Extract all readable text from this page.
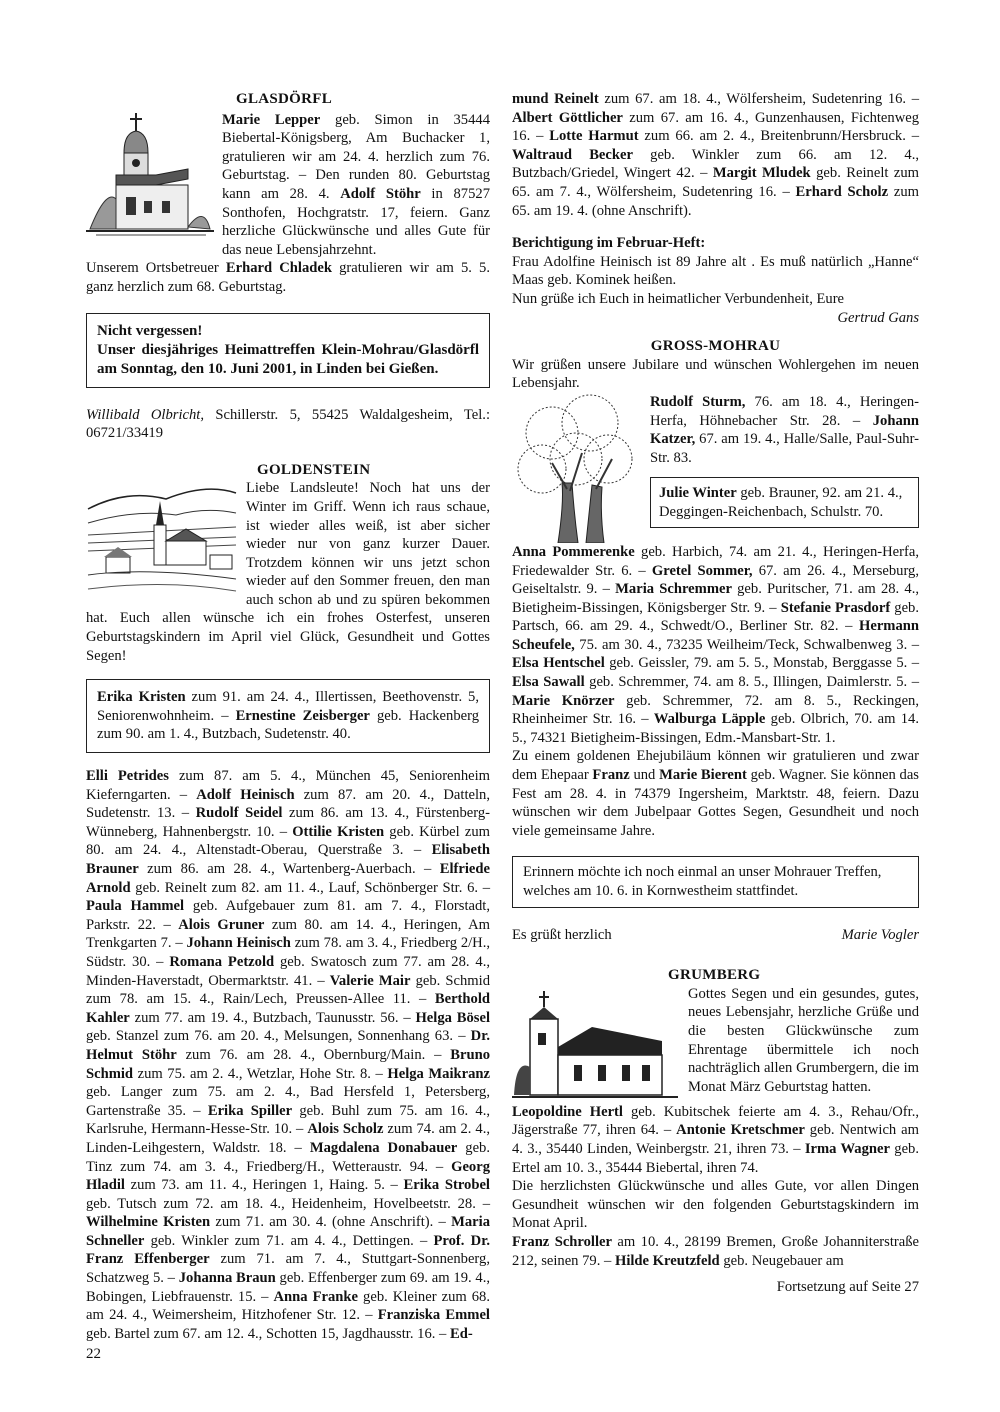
GLASDÖRFL

Marie Lepper geb. Simon in 35444 Biebertal-Königsberg, Am Buchacker 1, gratulieren wir am 24. 4. herzlich zum 76. Geburtstag. – Den runden 80. Geburtstag kann am 28. 4. Adolf Stöhr in 87527 Sonthofen, Hochgratstr. 17, feiern. Ganz herzliche Glückwünsche und alles Gute für das neue Lebensjahrzehnt.

Unserem Ortsbetreuer Erhard Chladek gratulieren wir am 5. 5. ganz herzlich zum 68. Geburtstag.

Nicht vergessen!
Unser diesjähriges Heimattreffen Klein-Mohrau/Glasdörfl am Sonntag, den 10. Juni 2001, in Linden bei Gießen.

Willibald Olbricht, Schillerstr. 5, 55425 Waldalgesheim, Tel.: 06721/33419

GOLDENSTEIN

Liebe Landsleute! Noch hat uns der Winter im Griff. Wenn ich raus schaue, ist wieder alles weiß, ist aber sicher wieder nur von ganz kurzer Dauer. Trotzdem können wir uns jetzt schon wieder auf den Sommer freuen, den man auch schon ab und zu spüren bekommen hat. Euch allen wünsche ich ein frohes Osterfest, unseren Geburtstagskindern im April viel Glück, Gesundheit und Gottes Segen!

Erika Kristen zum 91. am 24. 4., Illertissen, Beethovenstr. 5, Seniorenwohnheim. – Ernestine Zeisberger geb. Hackenberg zum 90. am 1. 4., Butzbach, Sudetenstr. 40.

Elli Petrides zum 87. am 5. 4., München 45, Seniorenheim Kieferngarten. – Adolf Heinisch zum 87. am 20. 4., Datteln, Sudetenstr. 13. – Rudolf Seidel zum 86. am 13. 4., Fürstenberg-Wünneberg, Hahnenbergstr. 10. – Ottilie Kristen geb. Kürbel zum 80. am 24. 4., Altenstadt-Oberau, Querstraße 3. – Elisabeth Brauner zum 86. am 28. 4., Wartenberg-Auerbach. – Elfriede Arnold geb. Reinelt zum 82. am 11. 4., Lauf, Schönberger Str. 6. – Paula Hammel geb. Aufgebauer zum 81. am 7. 4., Florstadt, Parkstr. 22. – Alois Gruner zum 80. am 14. 4., Heringen, Am Trenkgarten 7. – Johann Heinisch zum 78. am 3. 4., Friedberg 2/H., Südstr. 30. – Romana Petzold geb. Swatosch zum 77. am 28. 4., Minden-Haverstadt, Obermarktstr. 41. – Valerie Mair geb. Schmid zum 78. am 15. 4., Rain/Lech, Preussen-Allee 11. – Berthold Kahler zum 77. am 19. 4., Butzbach, Taunusstr. 56. – Helga Bösel geb. Stanzel zum 76. am 20. 4., Melsungen, Sonnenhang 63. – Dr. Helmut Stöhr zum 76. am 28. 4., Obernburg/Main. – Bruno Schmid zum 75. am 2. 4., Wetzlar, Hohe Str. 8. – Helga Maikranz geb. Langer zum 75. am 2. 4., Bad Hersfeld 1, Petersberg, Gartenstraße 35. – Erika Spiller geb. Buhl zum 75. am 16. 4., Karlsruhe, Hermann-Hesse-Str. 10. – Alois Scholz zum 74. am 2. 4., Linden-Leihgestern, Waldstr. 18. – Magdalena Donabauer geb. Tinz zum 74. am 3. 4., Friedberg/H., Wetteraustr. 94. – Georg Hladil zum 73. am 11. 4., Heringen 1, Haing. 5. – Erika Strobel geb. Tutsch zum 72. am 18. 4., Heidenheim, Hovelbeetstr. 28. – Wilhelmine Kristen zum 71. am 30. 4. (ohne Anschrift). – Maria Schneller geb. Winkler zum 71. am 4. 4., Dettingen. – Prof. Dr. Franz Effenberger zum 71. am 7. 4., Stuttgart-Sonnenberg, Schatzweg 5. – Johanna Braun geb. Effenberger zum 69. am 19. 4., Bobingen, Liebfrauenstr. 15. – Anna Franke geb. Kleiner zum 68. am 24. 4., Weimersheim, Hitzhofener Str. 12. – Franziska Emmel geb. Bartel zum 67. am 12. 4., Schotten 15, Jagdhausstr. 16. – Ed-

mund Reinelt zum 67. am 18. 4., Wölfersheim, Sudetenring 16. – Albert Göttlicher zum 67. am 16. 4., Gunzenhausen, Fichtenweg 16. – Lotte Harmut zum 66. am 2. 4., Breitenbrunn/Hersbruck. – Waltraud Becker geb. Winkler zum 66. am 12. 4., Butzbach/Griedel, Wingert 42. – Margit Mludek geb. Reinelt zum 65. am 7. 4., Wölfersheim, Sudetenring 16. – Erhard Scholz zum 65. am 19. 4. (ohne Anschrift).

Berichtigung im Februar-Heft:

Frau Adolfine Heinisch ist 89 Jahre alt . Es muß natürlich „Hanne“ Maas geb. Kominek heißen.

Nun grüße ich Euch in heimatlicher Verbundenheit, Eure

Gertrud Gans

GROSS-MOHRAU

Wir grüßen unsere Jubilare und wünschen Wohlergehen im neuen Lebensjahr.

Rudolf Sturm, 76. am 18. 4., Heringen-Herfa, Höhnebacher Str. 28. – Johann Katzer, 67. am 19. 4., Halle/Salle, Paul-Suhr-Str. 83.

Julie Winter geb. Brauner, 92. am 21. 4., Deggingen-Reichenbach, Schulstr. 70.

Anna Pommerenke geb. Harbich, 74. am 21. 4., Heringen-Herfa, Friedewalder Str. 6. – Gretel Sommer, 67. am 26. 4., Merseburg, Geiseltalstr. 9. – Maria Schremmer geb. Puritscher, 71. am 28. 4., Bietigheim-Bissingen, Königsberger Str. 9. – Stefanie Prasdorf geb. Partsch, 66. am 29. 4., Schwedt/O., Berliner Str. 82. – Hermann Scheufele, 75. am 30. 4., 73235 Weilheim/Teck, Schwalbenweg 3. – Elsa Hentschel geb. Geissler, 79. am 5. 5., Monstab, Berggasse 5. – Elsa Sawall geb. Schremmer, 74. am 8. 5., Illingen, Daimlerstr. 5. – Marie Knörzer geb. Schremmer, 72. am 8. 5., Reckingen, Rheinheimer Str. 16. – Walburga Läpple geb. Olbrich, 70. am 14. 5., 74321 Bietigheim-Bissingen, Edm.-Mansbart-Str. 1.

Zu einem goldenen Ehejubiläum können wir gratulieren und zwar dem Ehepaar Franz und Marie Bierent geb. Wagner. Sie können das Fest am 28. 4. in 74379 Ingersheim, Marktstr. 48, feiern. Dazu wünschen wir dem Jubelpaar Gottes Segen, Gesundheit und noch viele gemeinsame Jahre.

Erinnern möchte ich noch einmal an unser Mohrauer Treffen, welches am 10. 6. in Kornwestheim stattfindet.

Es grüßt herzlich	Marie Vogler
GRUMBERG

Gottes Segen und ein gesundes, gutes, neues Lebensjahr, herzliche Grüße und die besten Glückwünsche zum Ehrentage übermittele ich noch nachträglich allen Grumbergern, die im Monat März Geburtstag hatten.

Leopoldine Hertl geb. Kubitschek feierte am 4. 3., Rehau/Ofr., Jägerstraße 77, ihren 64. – Antonie Kretschmer geb. Nentwich am 4. 3., 35440 Linden, Weinbergstr. 21, ihren 73. – Irma Wagner geb. Ertel am 10. 3., 35444 Biebertal, ihren 74.

Die herzlichsten Glückwünsche und alles Gute, vor allen Dingen Gesundheit wünschen wir den folgenden Geburtstagskindern im Monat April.

Franz Schroller am 10. 4., 28199 Bremen, Große Johanniterstraße 212, seinen 79. – Hilde Kreutzfeld geb. Neugebauer am

Fortsetzung auf Seite 27

22
